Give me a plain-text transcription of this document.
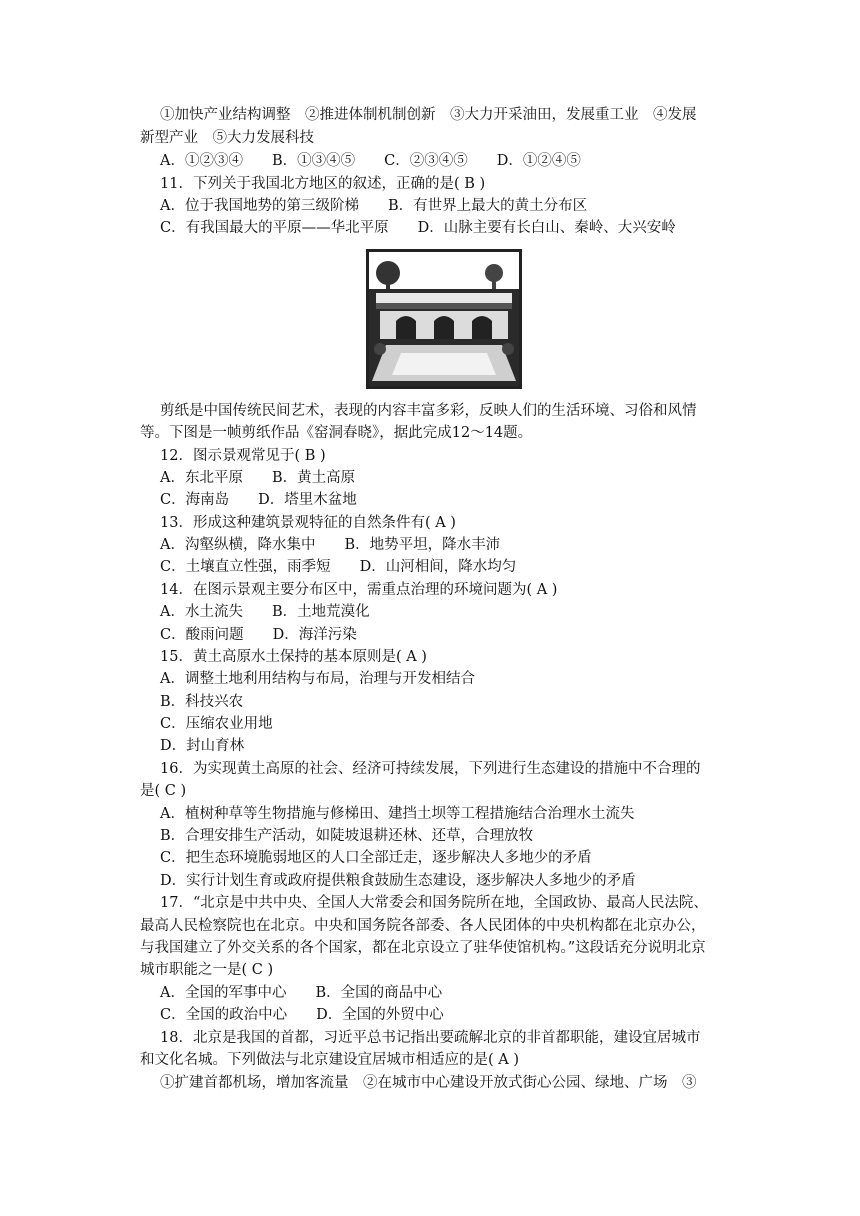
①加快产业结构调整　②推进体制机制创新　③大力开采油田，发展重工业　④发展
新型产业　⑤大力发展科技
A．①②③④　　B．①③④⑤　　C．②③④⑤　　D．①②④⑤
11．下列关于我国北方地区的叙述，正确的是( B )
A．位于我国地势的第三级阶梯　　B．有世界上最大的黄土分布区
C．有我国最大的平原——华北平原　　D．山脉主要有长白山、秦岭、大兴安岭
剪纸是中国传统民间艺术，表现的内容丰富多彩，反映人们的生活环境、习俗和风情
等。下图是一帧剪纸作品《窑洞春晓》，据此完成12～14题。
12．图示景观常见于( B )
A．东北平原　　B．黄土高原
C．海南岛　　D．塔里木盆地
13．形成这种建筑景观特征的自然条件有( A )
A．沟壑纵横，降水集中　　B．地势平坦，降水丰沛
C．土壤直立性强，雨季短　　D．山河相间，降水均匀
14．在图示景观主要分布区中，需重点治理的环境问题为( A )
A．水土流失　　B．土地荒漠化
C．酸雨问题　　D．海洋污染
15．黄土高原水土保持的基本原则是( A )
A．调整土地利用结构与布局，治理与开发相结合
B．科技兴农
C．压缩农业用地
D．封山育林
16．为实现黄土高原的社会、经济可持续发展，下列进行生态建设的措施中不合理的
是( C )
A．植树种草等生物措施与修梯田、建挡土坝等工程措施结合治理水土流失
B．合理安排生产活动，如陡坡退耕还林、还草，合理放牧
C．把生态环境脆弱地区的人口全部迁走，逐步解决人多地少的矛盾
D．实行计划生育或政府提供粮食鼓励生态建设，逐步解决人多地少的矛盾
17．“北京是中共中央、全国人大常委会和国务院所在地，全国政协、最高人民法院、
最高人民检察院也在北京。中央和国务院各部委、各人民团体的中央机构都在北京办公，
与我国建立了外交关系的各个国家，都在北京设立了驻华使馆机构。”这段话充分说明北京
城市职能之一是( C )
A．全国的军事中心　　B．全国的商品中心
C．全国的政治中心　　D．全国的外贸中心
18．北京是我国的首都，习近平总书记指出要疏解北京的非首都职能，建设宜居城市
和文化名城。下列做法与北京建设宜居城市相适应的是( A )
①扩建首都机场，增加客流量　②在城市中心建设开放式街心公园、绿地、广场　③
